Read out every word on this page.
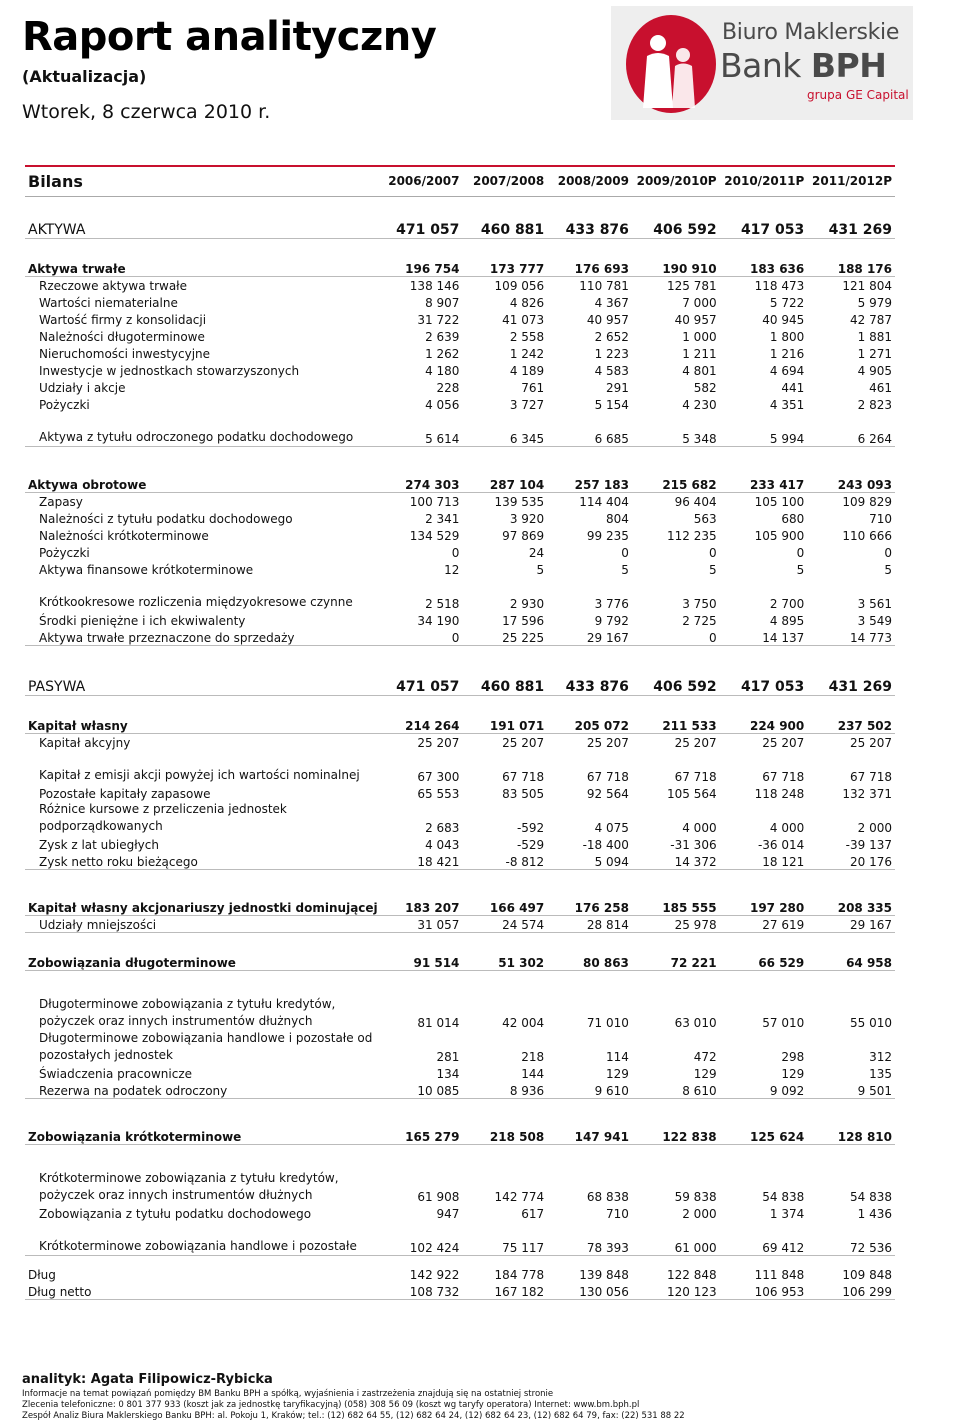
Raport analityczny
(Aktualizacja)
Wtorek, 8 czerwca 2010 r.
Biuro Maklerskie
Bank BPH
grupa GE Capital
Bilans	2006/2007	2007/2008	2008/2009	2009/2010P	2010/2011P	2011/2012P

AKTYWA	471 057	460 881	433 876	406 592	417 053	431 269

Aktywa trwałe	196 754	173 777	176 693	190 910	183 636	188 176
Rzeczowe aktywa trwałe	138 146	109 056	110 781	125 781	118 473	121 804
Wartości niematerialne	8 907	4 826	4 367	7 000	5 722	5 979
Wartość firmy z konsolidacji	31 722	41 073	40 957	40 957	40 945	42 787
Należności długoterminowe	2 639	2 558	2 652	1 000	1 800	1 881
Nieruchomości inwestycyjne	1 262	1 242	1 223	1 211	1 216	1 271
Inwestycje w jednostkach stowarzyszonych	4 180	4 189	4 583	4 801	4 694	4 905
Udziały i akcje	228	761	291	582	441	461
Pożyczki	4 056	3 727	5 154	4 230	4 351	2 823
Aktywa z tytułu odroczonego podatku dochodowego	5 614	6 345	6 685	5 348	5 994	6 264

Aktywa obrotowe	274 303	287 104	257 183	215 682	233 417	243 093
Zapasy	100 713	139 535	114 404	96 404	105 100	109 829
Należności z tytułu podatku dochodowego	2 341	3 920	804	563	680	710
Należności krótkoterminowe	134 529	97 869	99 235	112 235	105 900	110 666
Pożyczki	0	24	0	0	0	0
Aktywa finansowe krótkoterminowe	12	5	5	5	5	5
Krótkookresowe rozliczenia międzyokresowe czynne	2 518	2 930	3 776	3 750	2 700	3 561
Środki pieniężne i ich ekwiwalenty	34 190	17 596	9 792	2 725	4 895	3 549
Aktywa trwałe przeznaczone do sprzedaży	0	25 225	29 167	0	14 137	14 773

PASYWA	471 057	460 881	433 876	406 592	417 053	431 269

Kapitał własny	214 264	191 071	205 072	211 533	224 900	237 502
Kapitał akcyjny	25 207	25 207	25 207	25 207	25 207	25 207
Kapitał z emisji akcji powyżej ich wartości nominalnej	67 300	67 718	67 718	67 718	67 718	67 718
Pozostałe kapitały zapasowe	65 553	83 505	92 564	105 564	118 248	132 371
Różnice kursowe z przeliczenia jednostek podporządkowanych	2 683	-592	4 075	4 000	4 000	2 000
Zysk z lat ubiegłych	4 043	-529	-18 400	-31 306	-36 014	-39 137
Zysk netto roku bieżącego	18 421	-8 812	5 094	14 372	18 121	20 176

Kapitał własny akcjonariuszy jednostki dominującej	183 207	166 497	176 258	185 555	197 280	208 335
Udziały mniejszości	31 057	24 574	28 814	25 978	27 619	29 167

Zobowiązania długoterminowe	91 514	51 302	80 863	72 221	66 529	64 958

Długoterminowe zobowiązania z tytułu kredytów, pożyczek oraz innych instrumentów dłużnych	81 014	42 004	71 010	63 010	57 010	55 010
Długoterminowe zobowiązania handlowe i pozostałe od pozostałych jednostek	281	218	114	472	298	312
Świadczenia pracownicze	134	144	129	129	129	135
Rezerwa na podatek odroczony	10 085	8 936	9 610	8 610	9 092	9 501

Zobowiązania krótkoterminowe	165 279	218 508	147 941	122 838	125 624	128 810

Krótkoterminowe zobowiązania z tytułu kredytów, pożyczek oraz innych instrumentów dłużnych	61 908	142 774	68 838	59 838	54 838	54 838
Zobowiązania z tytułu podatku dochodowego	947	617	710	2 000	1 374	1 436
Krótkoterminowe zobowiązania handlowe i pozostałe	102 424	75 117	78 393	61 000	69 412	72 536

Dług	142 922	184 778	139 848	122 848	111 848	109 848
Dług netto	108 732	167 182	130 056	120 123	106 953	106 299
analityk: Agata Filipowicz-Rybicka
Informacje na temat powiązań pomiędzy BM Banku BPH a spółką, wyjaśnienia i zastrzeżenia znajdują się na ostatniej stronie
Zlecenia telefoniczne: 0 801 377 933 (koszt jak za jednostkę taryfikacyjną) (058) 308 56 09 (koszt wg taryfy operatora) Internet: www.bm.bph.pl
Zespół Analiz Biura Maklerskiego Banku BPH: al. Pokoju 1, Kraków; tel.: (12) 682 64 55, (12) 682 64 24, (12) 682 64 23, (12) 682 64 79, fax: (22) 531 88 22
